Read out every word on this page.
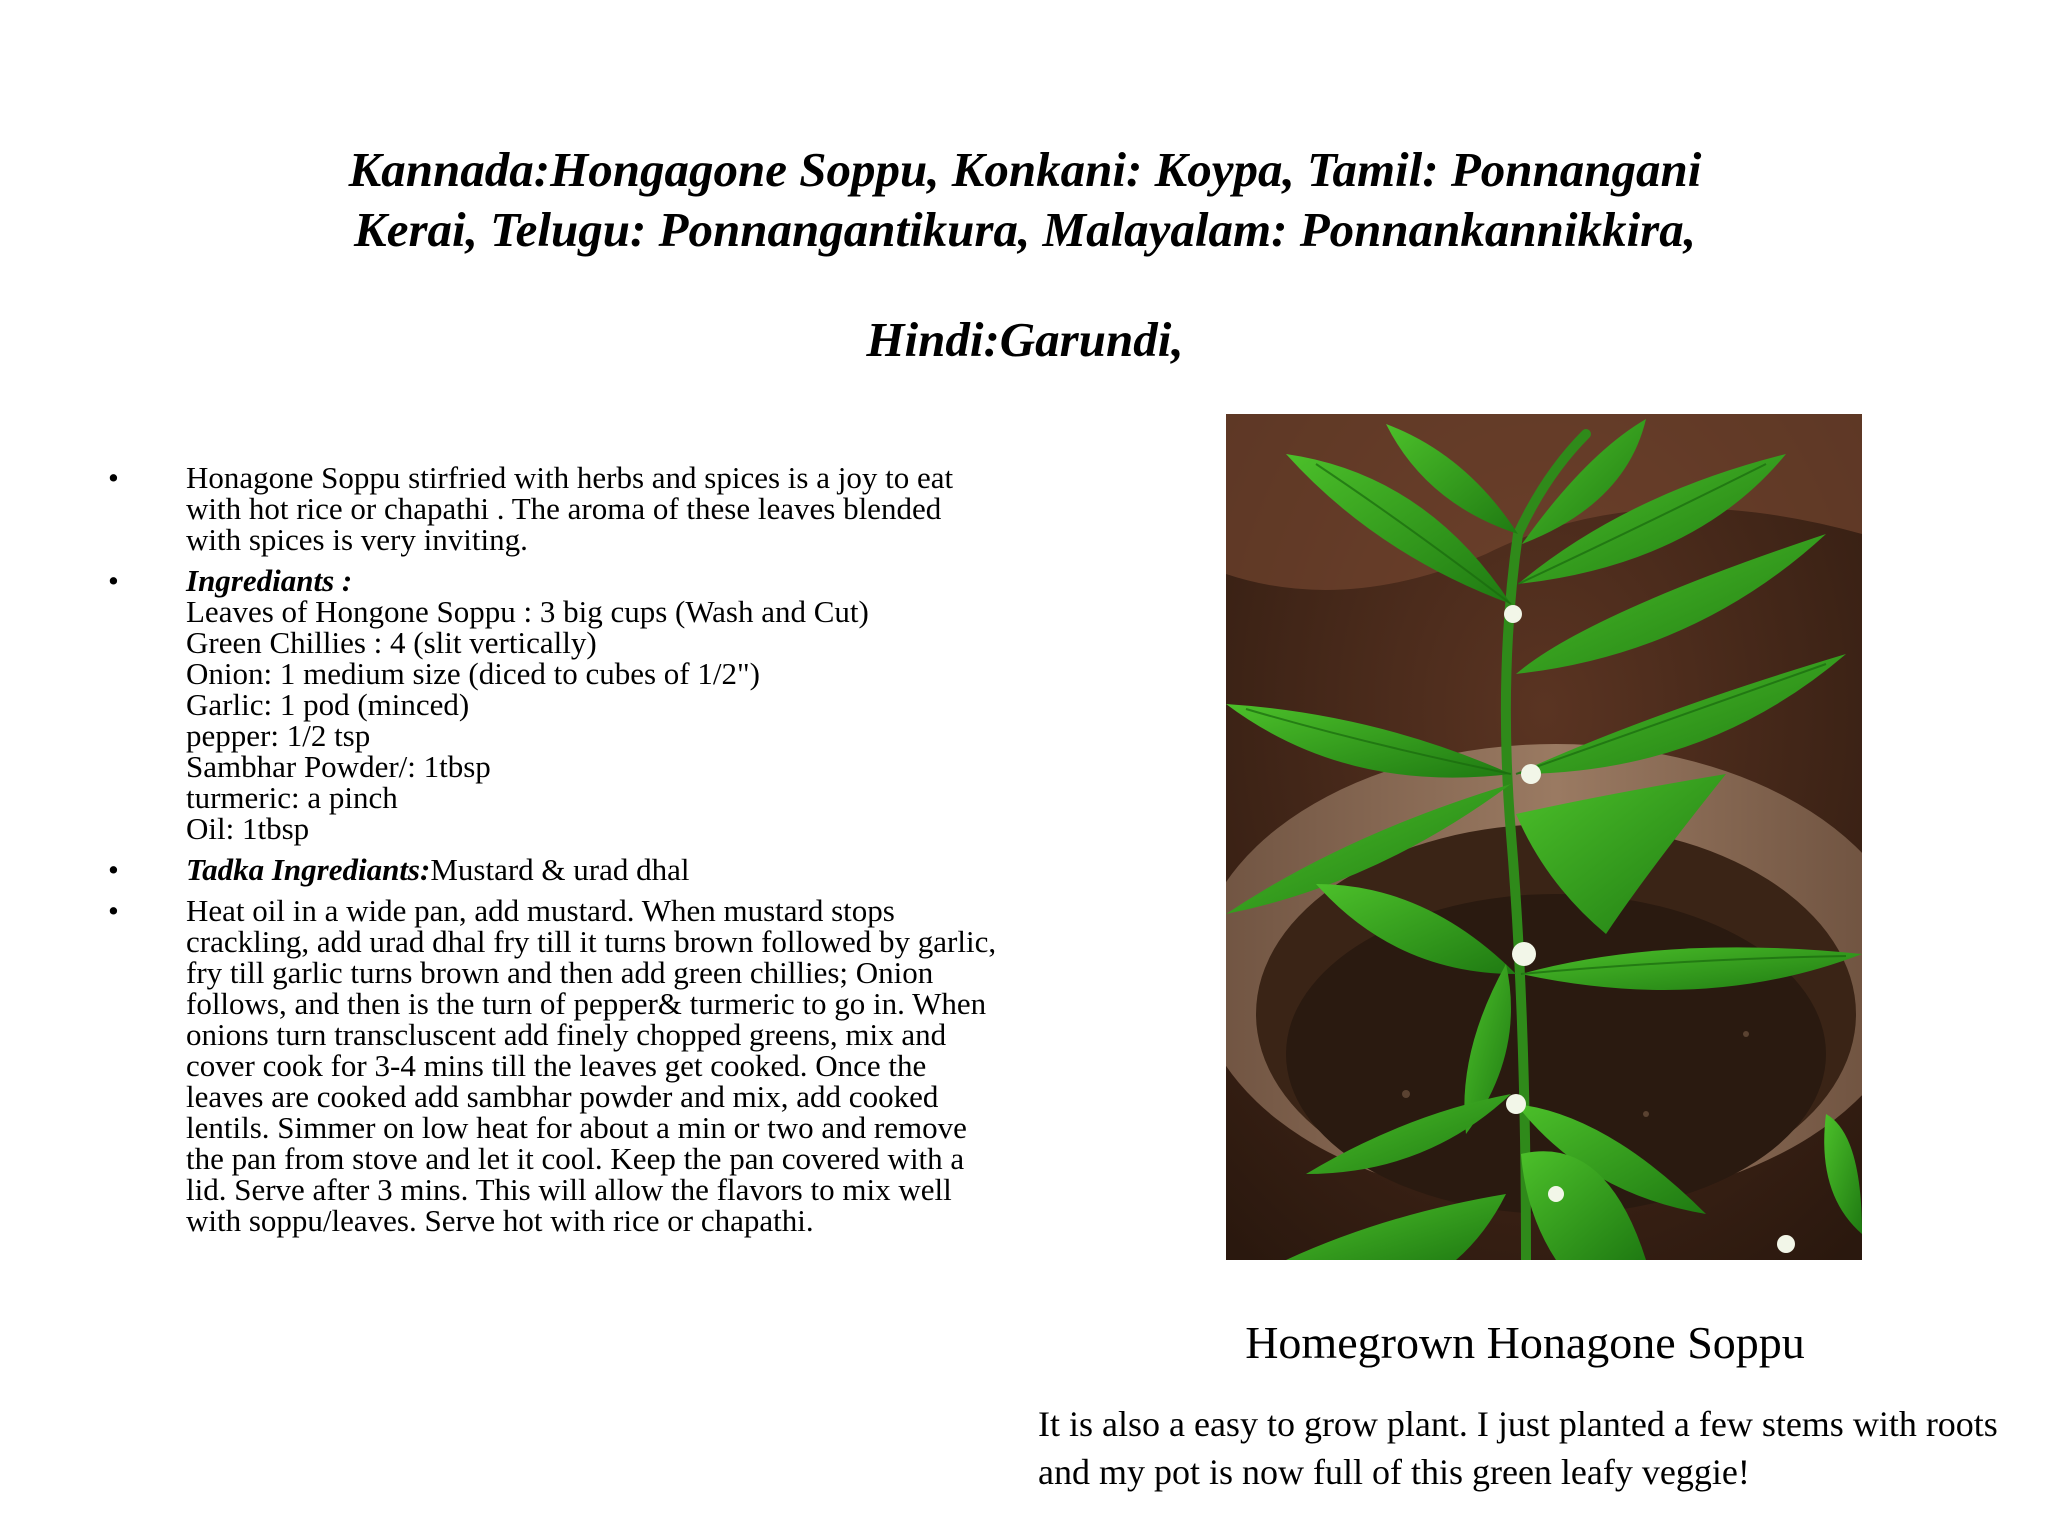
Kannada:Hongagone Soppu, Konkani: Koypa, Tamil: Ponnangani
Kerai, Telugu: Ponnangantikura, Malayalam: Ponnankannikkira,
Hindi:Garundi,
• Honagone Soppu stirfried with herbs and spices is a joy to eat with hot rice or chapathi . The aroma of these leaves blended with spices is very inviting.
• Ingrediants :
Leaves of Hongone Soppu : 3 big cups (Wash and Cut)
Green Chillies : 4 (slit vertically)
Onion: 1 medium size (diced to cubes of 1/2")
Garlic: 1 pod (minced)
pepper: 1/2 tsp
Sambhar Powder/: 1tbsp
turmeric: a pinch
Oil: 1tbsp
• Tadka Ingrediants:Mustard & urad dhal
• Heat oil in a wide pan, add mustard. When mustard stops crackling, add urad dhal fry till it turns brown followed by garlic, fry till garlic turns brown and then add green chillies; Onion follows, and then is the turn of pepper& turmeric to go in. When onions turn transcluscent add finely chopped greens, mix and cover cook for 3-4 mins till the leaves get cooked. Once the leaves are cooked add sambhar powder and mix, add cooked lentils. Simmer on low heat for about a min or two and remove the pan from stove and let it cool. Keep the pan covered with a lid. Serve after 3 mins. This will allow the flavors to mix well with soppu/leaves. Serve hot with rice or chapathi.

Homegrown Honagone Soppu

It is also a easy to grow plant. I just planted a few stems with roots and my pot is now full of this green leafy veggie!
